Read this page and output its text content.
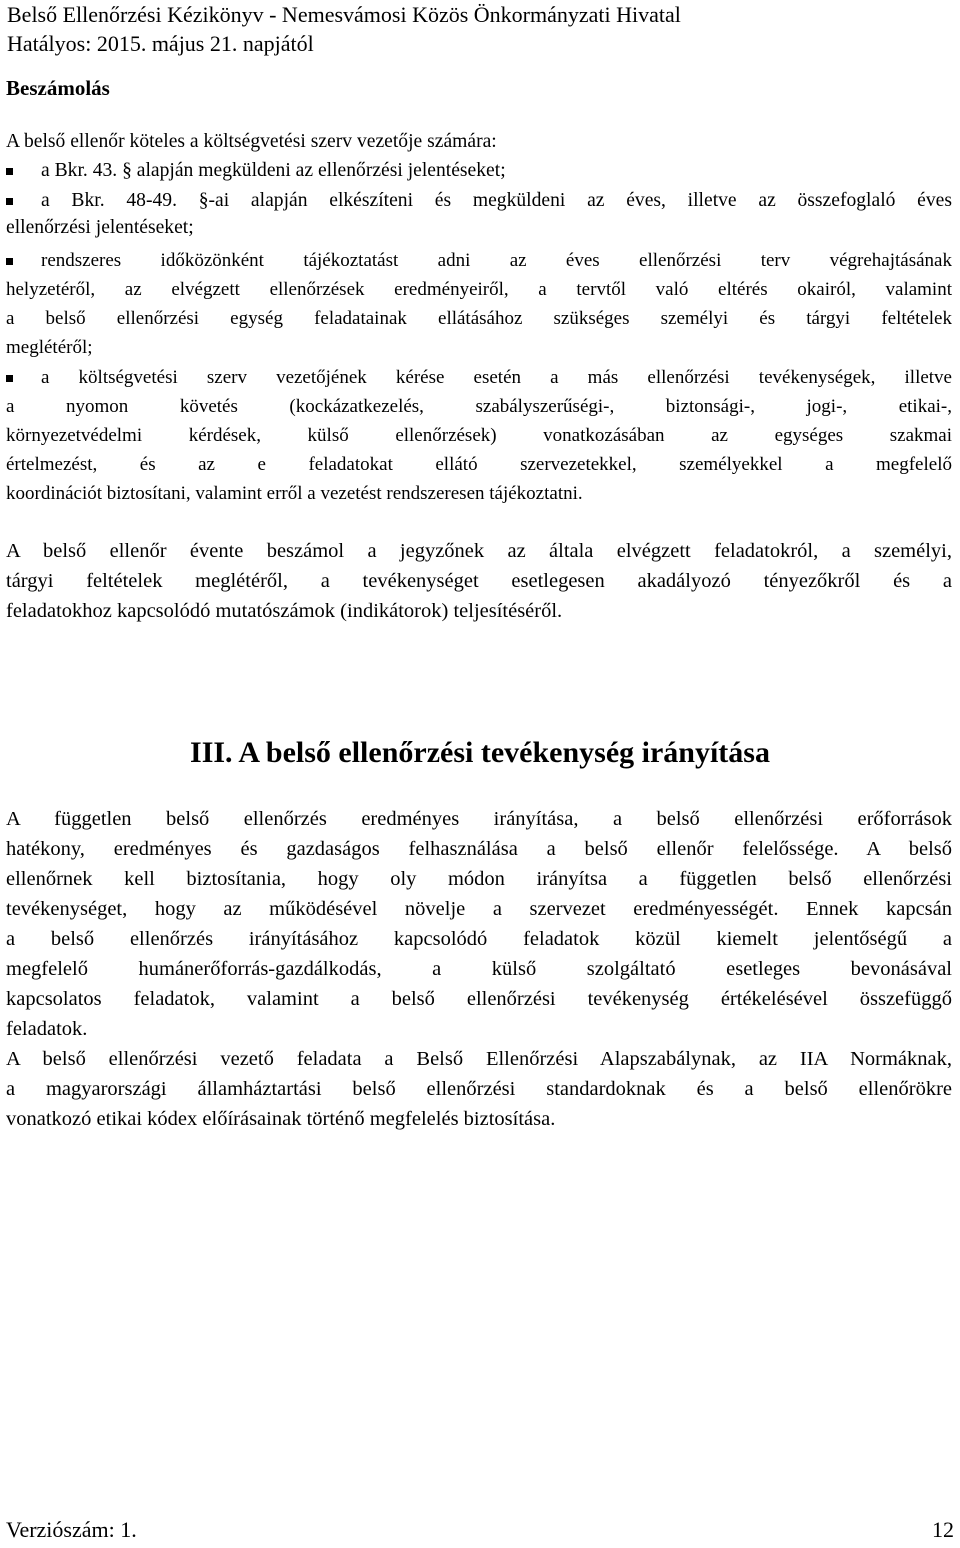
Belső Ellenőrzési Kézikönyv - Nemesvámosi Közös Önkormányzati Hivatal
Hatályos: 2015. május 21. napjától
Beszámolás
A belső ellenőr köteles a költségvetési szerv vezetője számára:
a Bkr. 43. § alapján megküldeni az ellenőrzési jelentéseket;
a Bkr. 48-49. §-ai alapján elkészíteni és megküldeni az éves, illetve az összefoglaló éves
ellenőrzési jelentéseket;
rendszeres időközönként tájékoztatást adni az éves ellenőrzési terv végrehajtásának
helyzetéről, az elvégzett ellenőrzések eredményeiről, a tervtől való eltérés okairól, valamint
a belső ellenőrzési egység feladatainak ellátásához szükséges személyi és tárgyi feltételek
meglétéről;
a költségvetési szerv vezetőjének kérése esetén a más ellenőrzési tevékenységek, illetve
a nyomon követés (kockázatkezelés, szabályszerűségi-, biztonsági-, jogi-, etikai-,
környezetvédelmi kérdések, külső ellenőrzések) vonatkozásában az egységes szakmai
értelmezést, és az e feladatokat ellátó szervezetekkel, személyekkel a megfelelő
koordinációt biztosítani, valamint erről a vezetést rendszeresen tájékoztatni.
A belső ellenőr évente beszámol a jegyzőnek az általa elvégzett feladatokról, a személyi,
tárgyi feltételek meglétéről, a tevékenységet esetlegesen akadályozó tényezőkről és a
feladatokhoz kapcsolódó mutatószámok (indikátorok) teljesítéséről.
III. A belső ellenőrzési tevékenység irányítása
A független belső ellenőrzés eredményes irányítása, a belső ellenőrzési erőforrások
hatékony, eredményes és gazdaságos felhasználása a belső ellenőr felelőssége. A belső
ellenőrnek kell biztosítania, hogy oly módon irányítsa a független belső ellenőrzési
tevékenységet, hogy az működésével növelje a szervezet eredményességét. Ennek kapcsán
a belső ellenőrzés irányításához kapcsolódó feladatok közül kiemelt jelentőségű a
megfelelő humánerőforrás-gazdálkodás, a külső szolgáltató esetleges bevonásával
kapcsolatos feladatok, valamint a belső ellenőrzési tevékenység értékelésével összefüggő
feladatok.
A belső ellenőrzési vezető feladata a Belső Ellenőrzési Alapszabálynak, az IIA Normáknak,
a magyarországi államháztartási belső ellenőrzési standardoknak és a belső ellenőrökre
vonatkozó etikai kódex előírásainak történő megfelelés biztosítása.
Verziószám: 1.	12
